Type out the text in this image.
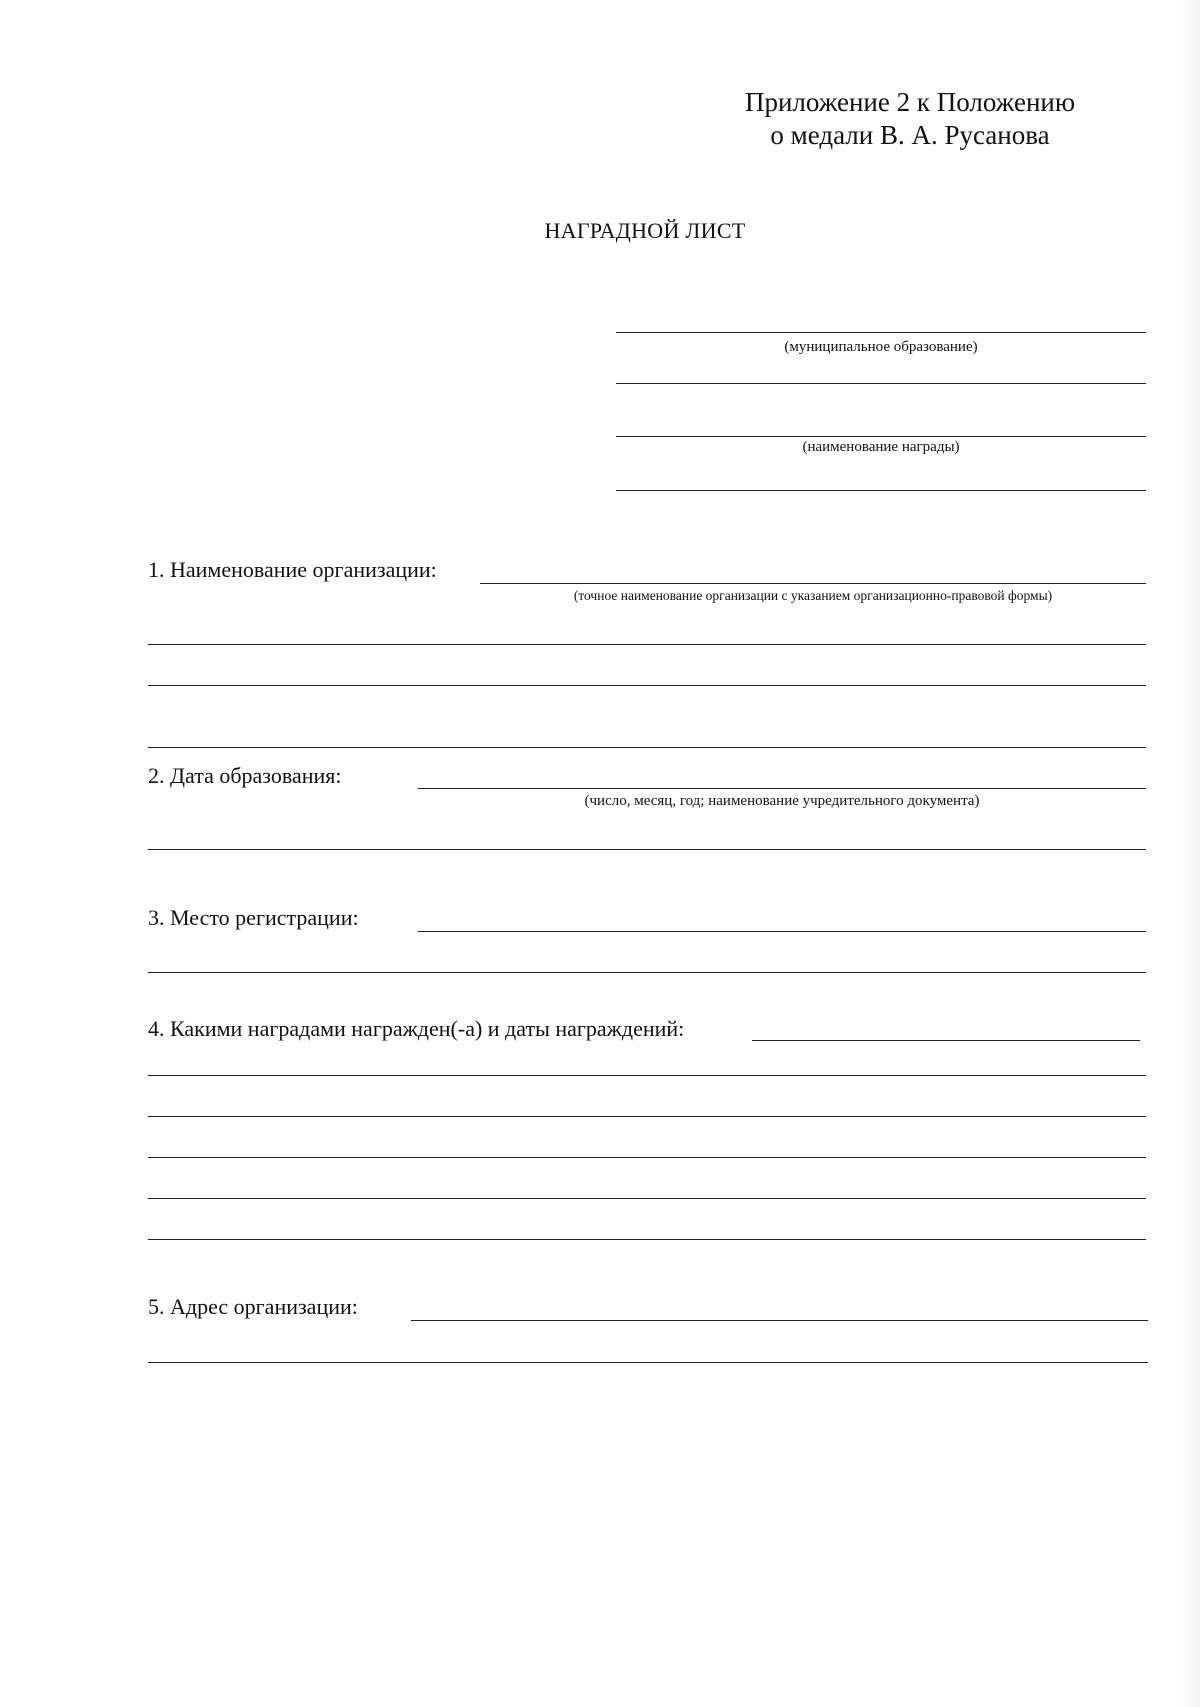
Приложение 2 к Положению
о медали В. А. Русанова
НАГРАДНОЙ ЛИСТ
(муниципальное образование)
(наименование награды)
1. Наименование организации:
(точное наименование организации с указанием организационно-правовой формы)
2. Дата образования:
(число, месяц, год; наименование учредительного документа)
3. Место регистрации:
4. Какими наградами награжден(-а) и даты награждений:
5. Адрес организации:
